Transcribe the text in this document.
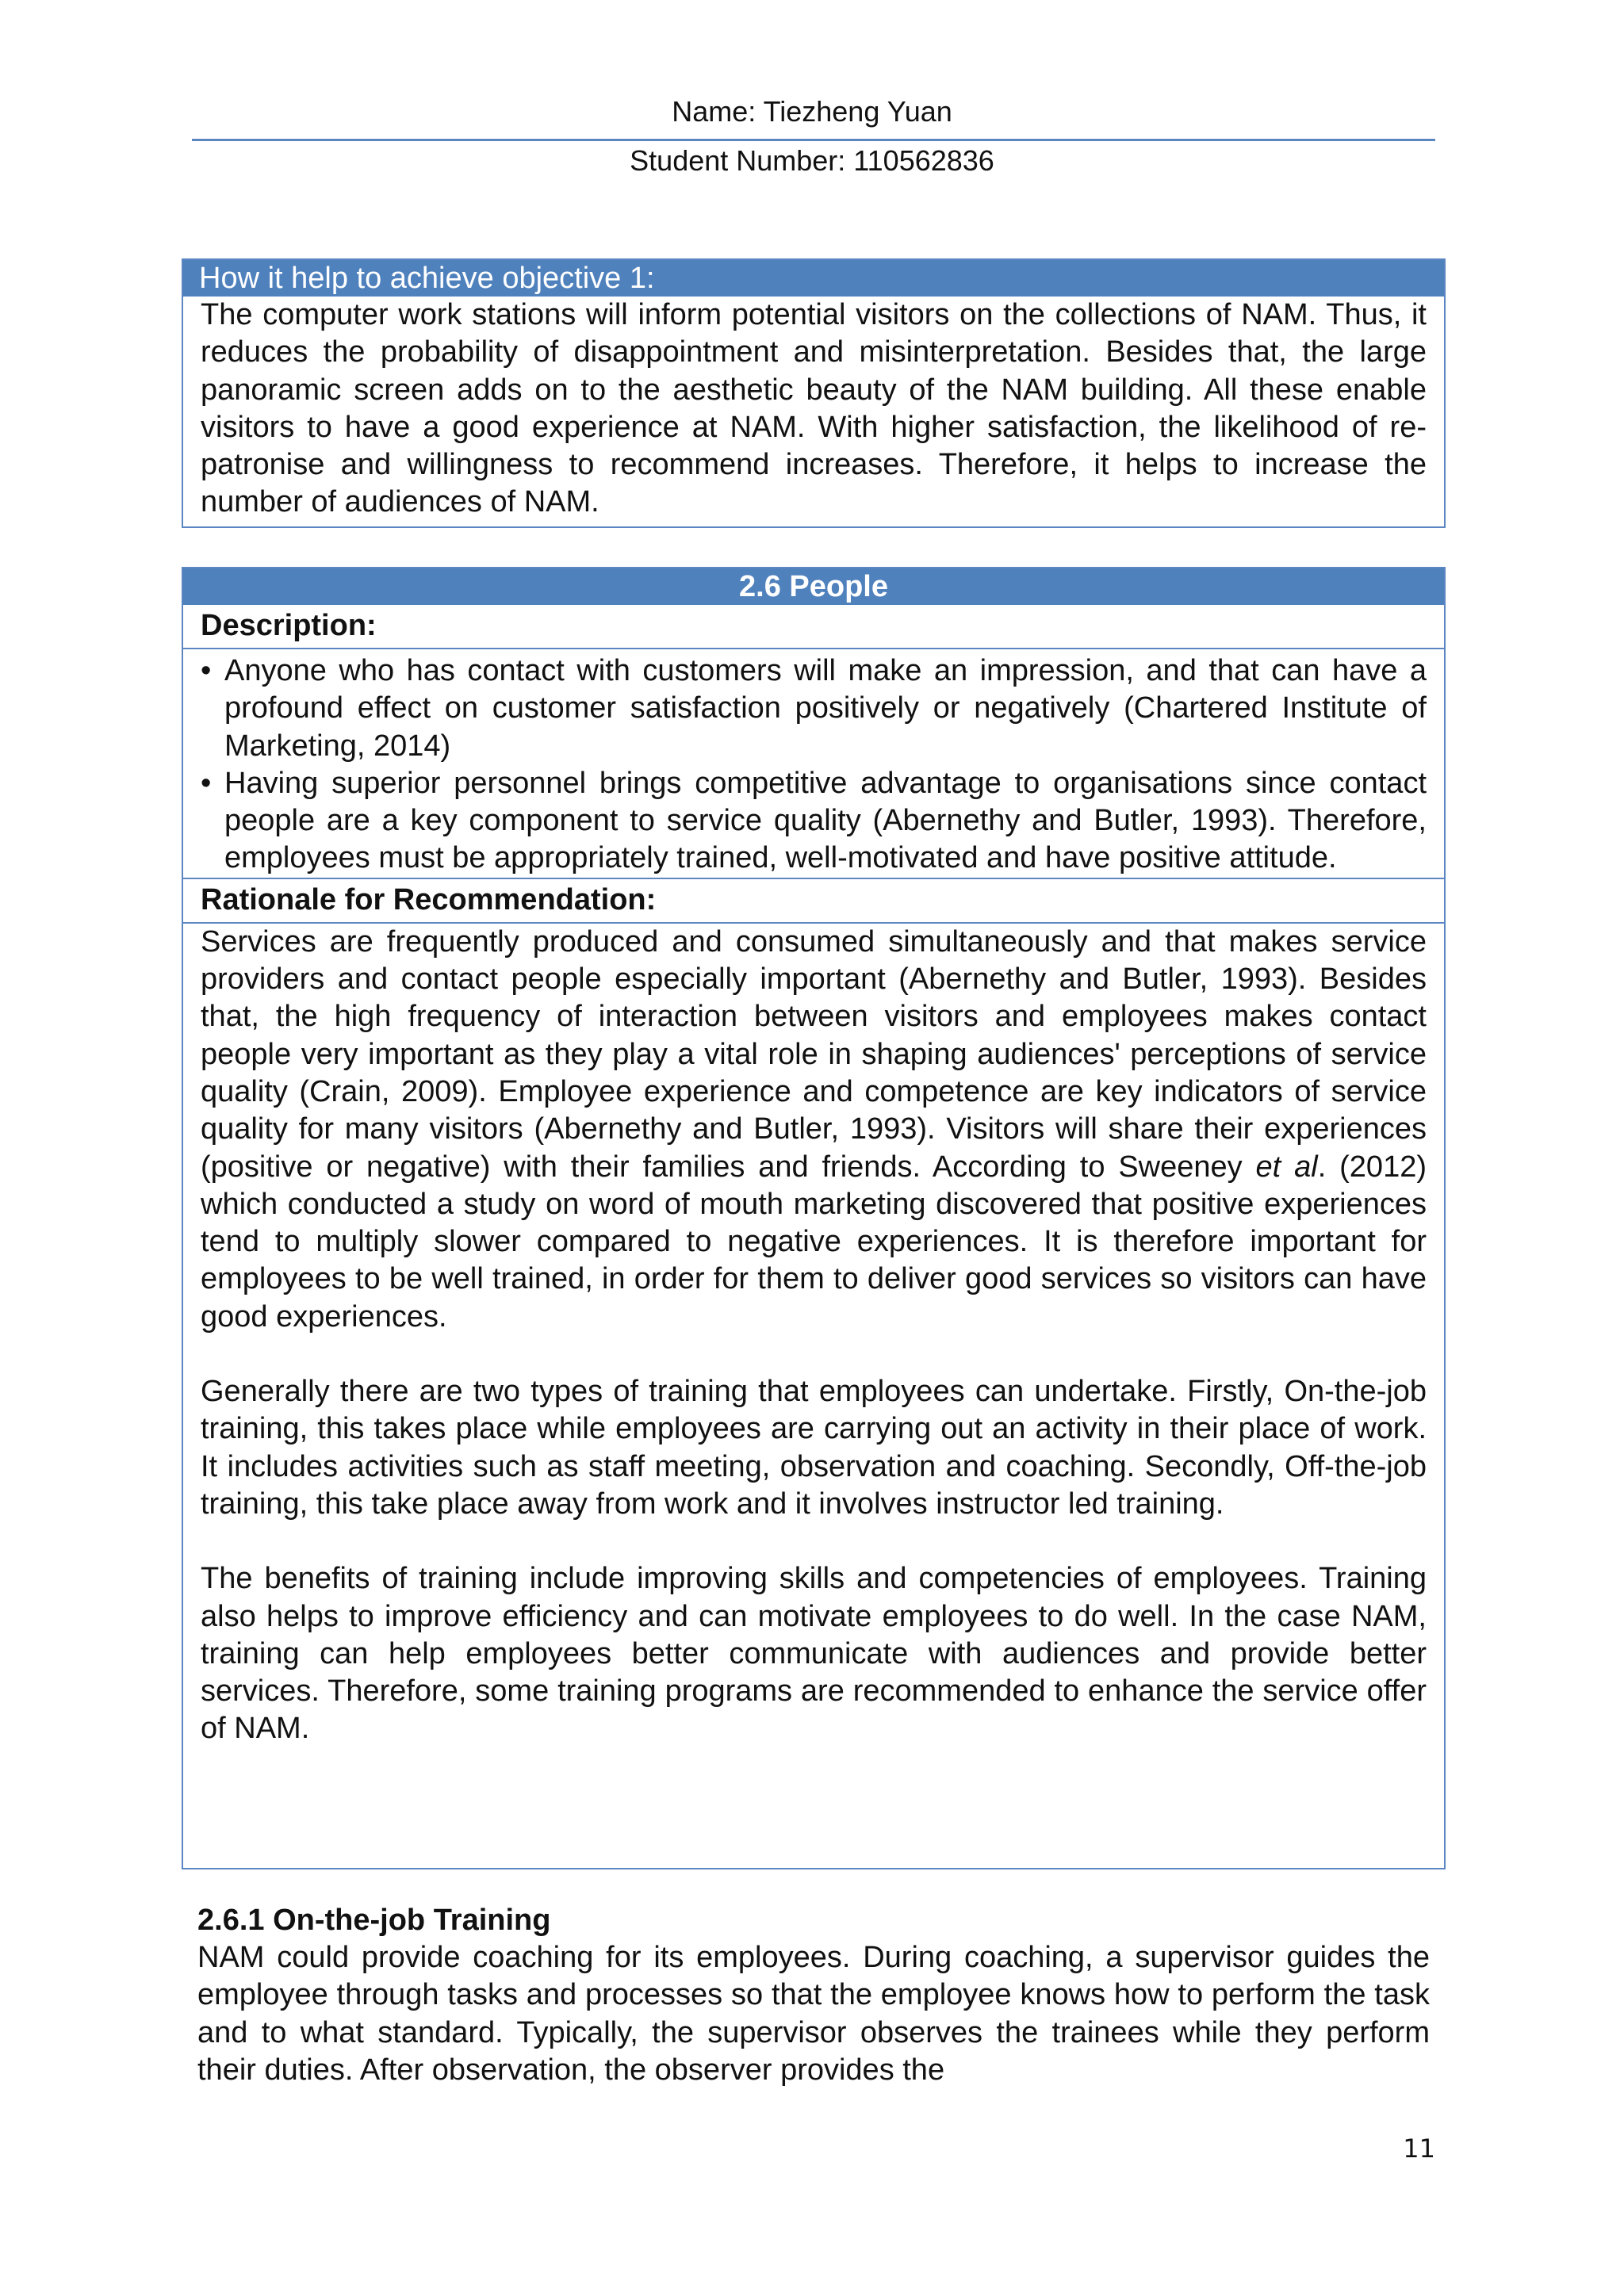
Name: Tiezheng Yuan
Student Number: 110562836
How it help to achieve objective 1:
The computer work stations will inform potential visitors on the collections of NAM. Thus, it reduces the probability of disappointment and misinterpretation. Besides that, the large panoramic screen adds on to the aesthetic beauty of the NAM building. All these enable visitors to have a good experience at NAM. With higher satisfaction, the likelihood of re-patronise and willingness to recommend increases. Therefore, it helps to increase the number of audiences of NAM.
2.6 People
Description:
• Anyone who has contact with customers will make an impression, and that can have a profound effect on customer satisfaction positively or negatively (Chartered Institute of Marketing, 2014)
• Having superior personnel brings competitive advantage to organisations since contact people are a key component to service quality (Abernethy and Butler, 1993). Therefore, employees must be appropriately trained, well-motivated and have positive attitude.
Rationale for Recommendation:
Services are frequently produced and consumed simultaneously and that makes service providers and contact people especially important (Abernethy and Butler, 1993). Besides that, the high frequency of interaction between visitors and employees makes contact people very important as they play a vital role in shaping audiences' perceptions of service quality (Crain, 2009). Employee experience and competence are key indicators of service quality for many visitors (Abernethy and Butler, 1993). Visitors will share their experiences (positive or negative) with their families and friends. According to Sweeney et al. (2012) which conducted a study on word of mouth marketing discovered that positive experiences tend to multiply slower compared to negative experiences. It is therefore important for employees to be well trained, in order for them to deliver good services so visitors can have good experiences.
Generally there are two types of training that employees can undertake. Firstly, On-the-job training, this takes place while employees are carrying out an activity in their place of work. It includes activities such as staff meeting, observation and coaching. Secondly, Off-the-job training, this take place away from work and it involves instructor led training.
The benefits of training include improving skills and competencies of employees. Training also helps to improve efficiency and can motivate employees to do well. In the case NAM, training can help employees better communicate with audiences and provide better services. Therefore, some training programs are recommended to enhance the service offer of NAM.
2.6.1 On-the-job Training
NAM could provide coaching for its employees. During coaching, a supervisor guides the employee through tasks and processes so that the employee knows how to perform the task and to what standard. Typically, the supervisor observes the trainees while they perform their duties. After observation, the observer provides the
11
